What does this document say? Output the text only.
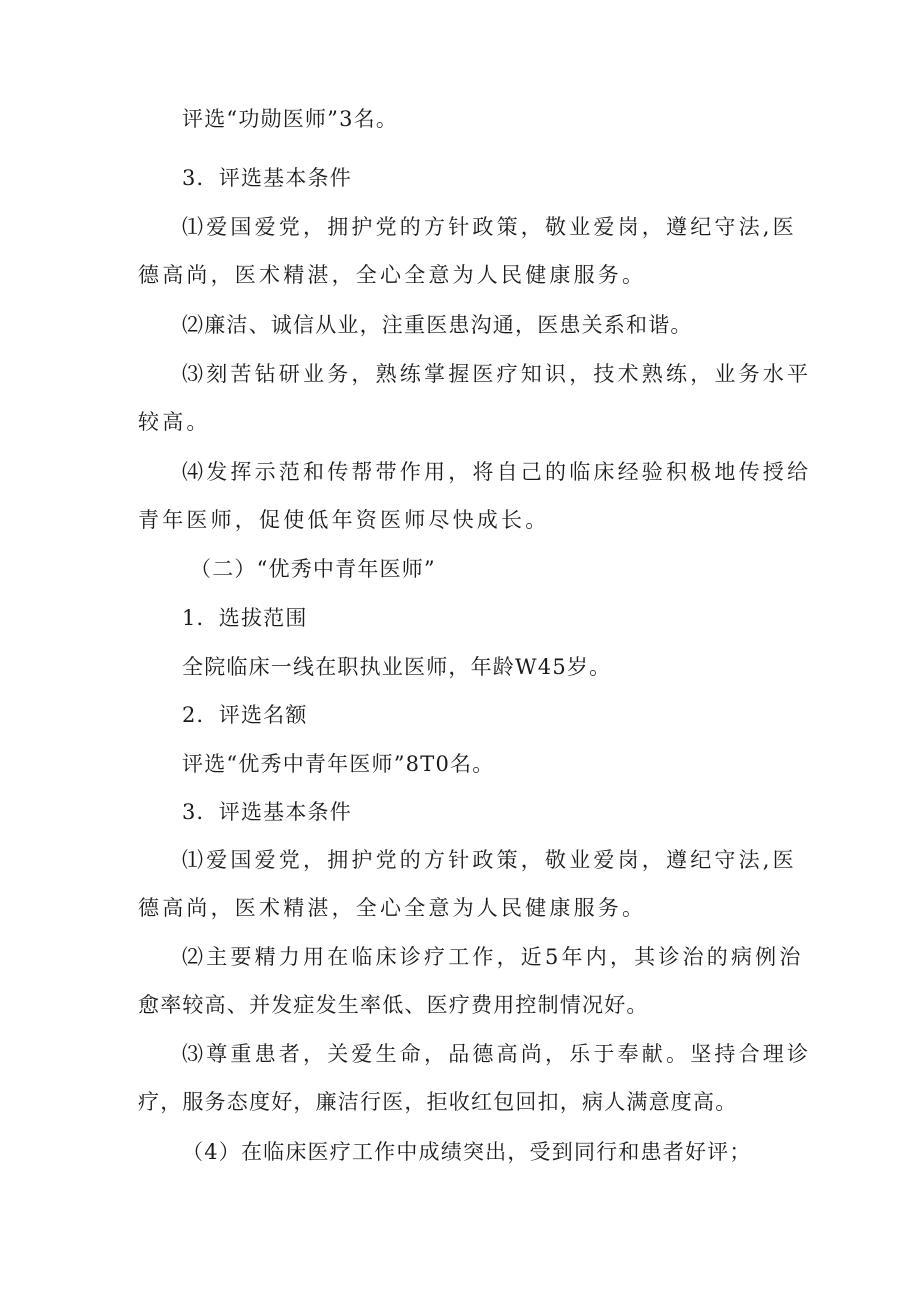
评选“功勋医师”3名。
3．评选基本条件
⑴爱国爱党，拥护党的方针政策，敬业爱岗，遵纪守法,医
德高尚，医术精湛，全心全意为人民健康服务。
⑵廉洁、诚信从业，注重医患沟通，医患关系和谐。
⑶刻苦钻研业务，熟练掌握医疗知识，技术熟练，业务水平
较高。
⑷发挥示范和传帮带作用，将自己的临床经验积极地传授给
青年医师，促使低年资医师尽快成长。
（二）“优秀中青年医师”
1．选拔范围
全院临床一线在职执业医师，年龄W45岁。
2．评选名额
评选“优秀中青年医师”8T0名。
3．评选基本条件
⑴爱国爱党，拥护党的方针政策，敬业爱岗，遵纪守法,医
德高尚，医术精湛，全心全意为人民健康服务。
⑵主要精力用在临床诊疗工作，近5年内，其诊治的病例治
愈率较高、并发症发生率低、医疗费用控制情况好。
⑶尊重患者，关爱生命，品德高尚，乐于奉献。坚持合理诊
疗，服务态度好，廉洁行医，拒收红包回扣，病人满意度高。
（4）在临床医疗工作中成绩突出，受到同行和患者好评；
